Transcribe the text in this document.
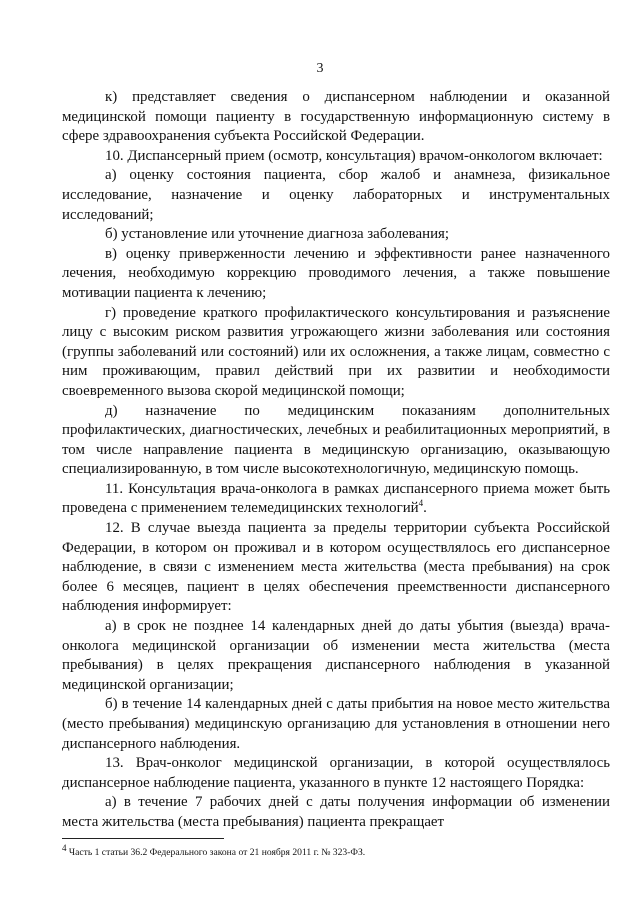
3

к) представляет сведения о диспансерном наблюдении и оказанной медицинской помощи пациенту в государственную информационную систему в сфере здравоохранения субъекта Российской Федерации.

10. Диспансерный прием (осмотр, консультация) врачом-онкологом включает:

а) оценку состояния пациента, сбор жалоб и анамнеза, физикальное исследование, назначение и оценку лабораторных и инструментальных исследований;

б) установление или уточнение диагноза заболевания;

в) оценку приверженности лечению и эффективности ранее назначенного лечения, необходимую коррекцию проводимого лечения, а также повышение мотивации пациента к лечению;

г) проведение краткого профилактического консультирования и разъяснение лицу с высоким риском развития угрожающего жизни заболевания или состояния (группы заболеваний или состояний) или их осложнения, а также лицам, совместно с ним проживающим, правил действий при их развитии и необходимости своевременного вызова скорой медицинской помощи;

д) назначение по медицинским показаниям дополнительных профилактических, диагностических, лечебных и реабилитационных мероприятий, в том числе направление пациента в медицинскую организацию, оказывающую специализированную, в том числе высокотехнологичную, медицинскую помощь.

11. Консультация врача-онколога в рамках диспансерного приема может быть проведена с применением телемедицинских технологий$^4$.

12. В случае выезда пациента за пределы территории субъекта Российской Федерации, в котором он проживал и в котором осуществлялось его диспансерное наблюдение, в связи с изменением места жительства (места пребывания) на срок более 6 месяцев, пациент в целях обеспечения преемственности диспансерного наблюдения информирует:

а) в срок не позднее 14 календарных дней до даты убытия (выезда) врача-онколога медицинской организации об изменении места жительства (места пребывания) в целях прекращения диспансерного наблюдения в указанной медицинской организации;

б) в течение 14 календарных дней с даты прибытия на новое место жительства (место пребывания) медицинскую организацию для установления в отношении него диспансерного наблюдения.

13. Врач-онколог медицинской организации, в которой осуществлялось диспансерное наблюдение пациента, указанного в пункте 12 настоящего Порядка:

а) в течение 7 рабочих дней с даты получения информации об изменении места жительства (места пребывания) пациента прекращает

$^4$ Часть 1 статьи 36.2 Федерального закона от 21 ноября 2011 г. № 323-ФЗ.
